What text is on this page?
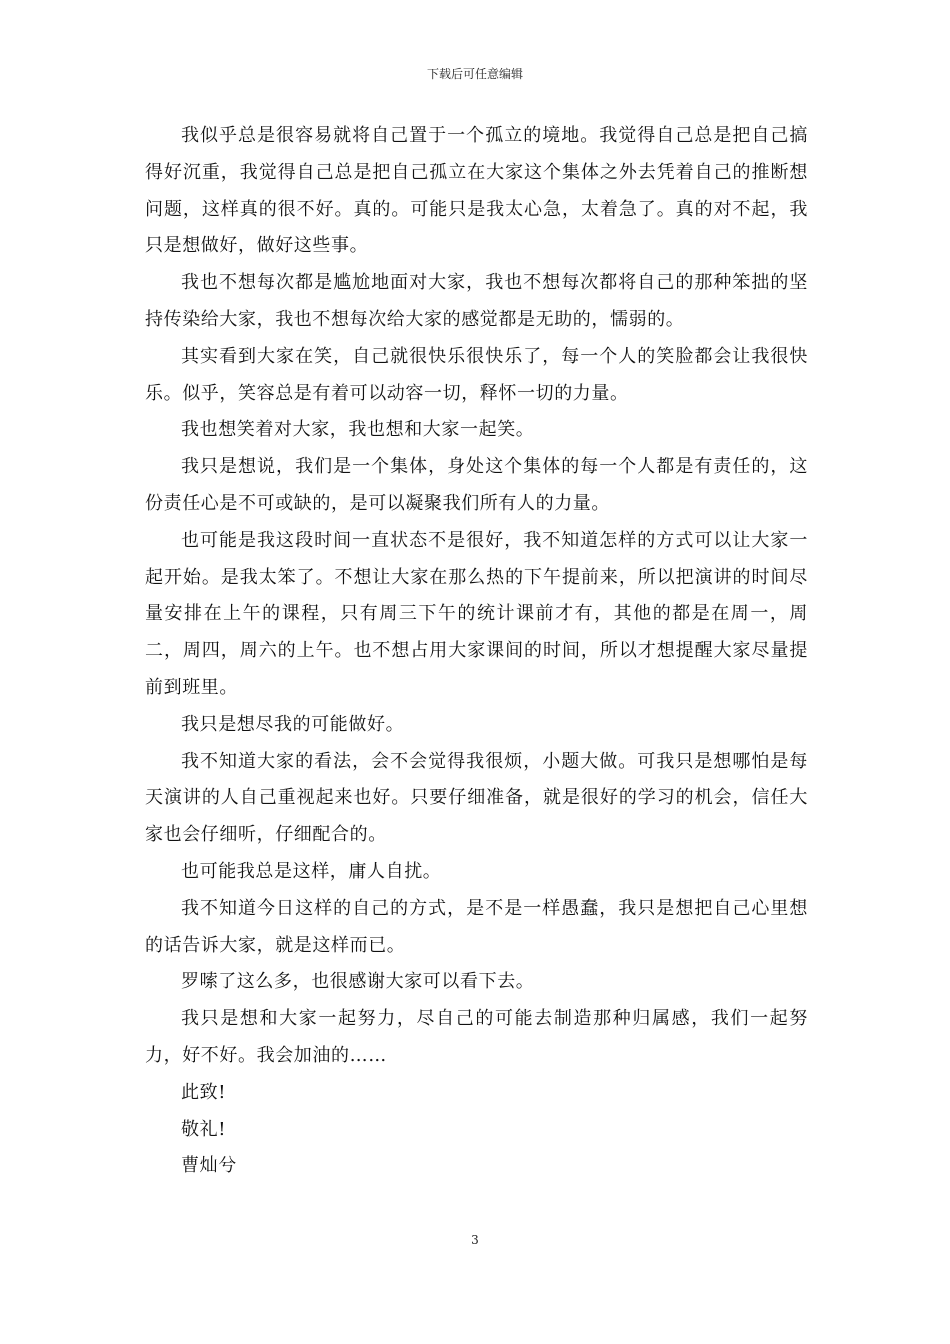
下载后可任意编辑

我似乎总是很容易就将自己置于一个孤立的境地。我觉得自己总是把自己搞得好沉重，我觉得自己总是把自己孤立在大家这个集体之外去凭着自己的推断想问题，这样真的很不好。真的。可能只是我太心急，太着急了。真的对不起，我只是想做好，做好这些事。

我也不想每次都是尴尬地面对大家，我也不想每次都将自己的那种笨拙的坚持传染给大家，我也不想每次给大家的感觉都是无助的，懦弱的。

其实看到大家在笑，自己就很快乐很快乐了，每一个人的笑脸都会让我很快乐。似乎，笑容总是有着可以动容一切，释怀一切的力量。

我也想笑着对大家，我也想和大家一起笑。

我只是想说，我们是一个集体，身处这个集体的每一个人都是有责任的，这份责任心是不可或缺的，是可以凝聚我们所有人的力量。

也可能是我这段时间一直状态不是很好，我不知道怎样的方式可以让大家一起开始。是我太笨了。不想让大家在那么热的下午提前来，所以把演讲的时间尽量安排在上午的课程，只有周三下午的统计课前才有，其他的都是在周一，周二，周四，周六的上午。也不想占用大家课间的时间，所以才想提醒大家尽量提前到班里。

我只是想尽我的可能做好。

我不知道大家的看法，会不会觉得我很烦，小题大做。可我只是想哪怕是每天演讲的人自己重视起来也好。只要仔细准备，就是很好的学习的机会，信任大家也会仔细听，仔细配合的。

也可能我总是这样，庸人自扰。

我不知道今日这样的自己的方式，是不是一样愚蠢，我只是想把自己心里想的话告诉大家，就是这样而已。

罗嗦了这么多，也很感谢大家可以看下去。

我只是想和大家一起努力，尽自己的可能去制造那种归属感，我们一起努力，好不好。我会加油的……

此致!

敬礼!

曹灿兮

3
